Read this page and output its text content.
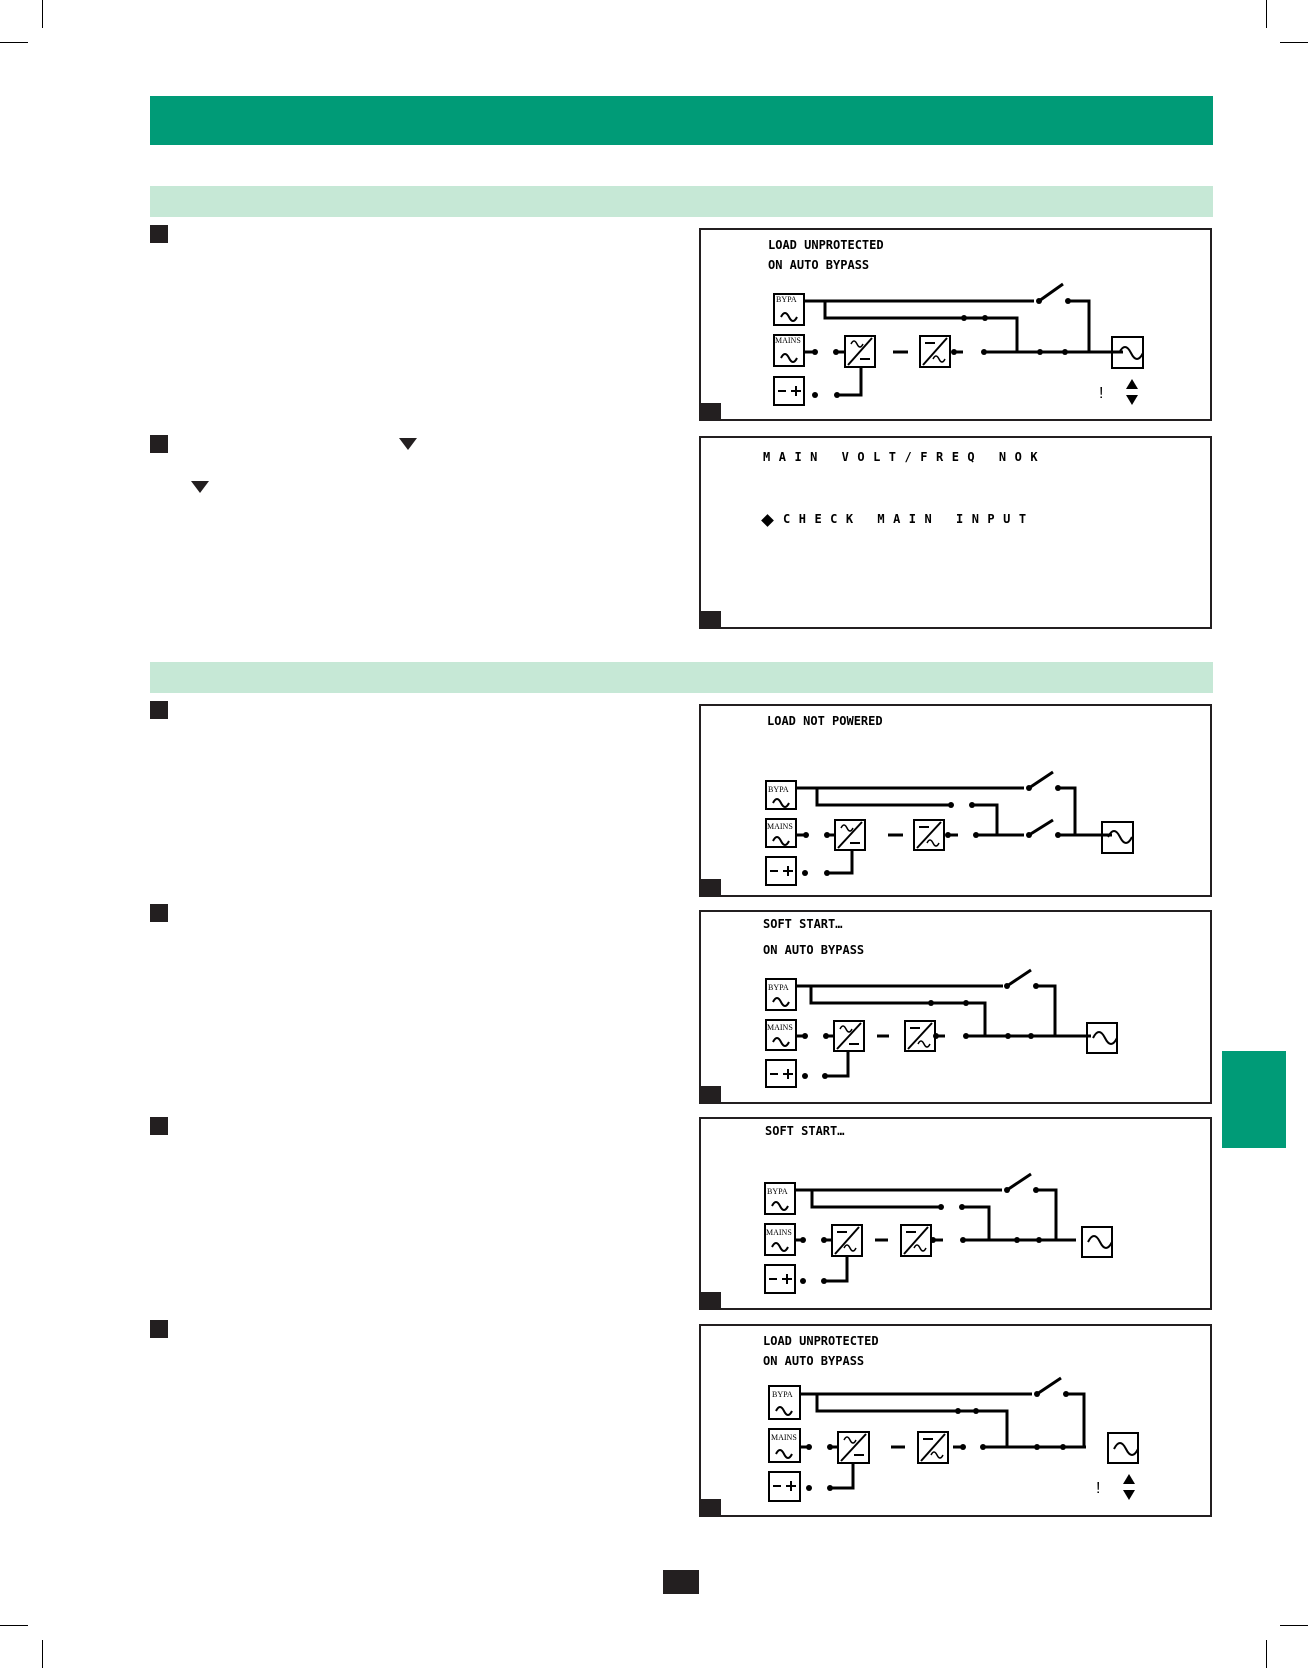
LOAD UNPROTECTED
ON AUTO BYPASS
BYPA
MAINS
!
MAIN VOLT/FREQ NOK
CHECK MAIN INPUT
LOAD NOT POWERED
BYPA
MAINS
SOFT START…
ON AUTO BYPASS
BYPA
MAINS
SOFT START…
BYPA
MAINS
LOAD UNPROTECTED
ON AUTO BYPASS
BYPA
MAINS
!
